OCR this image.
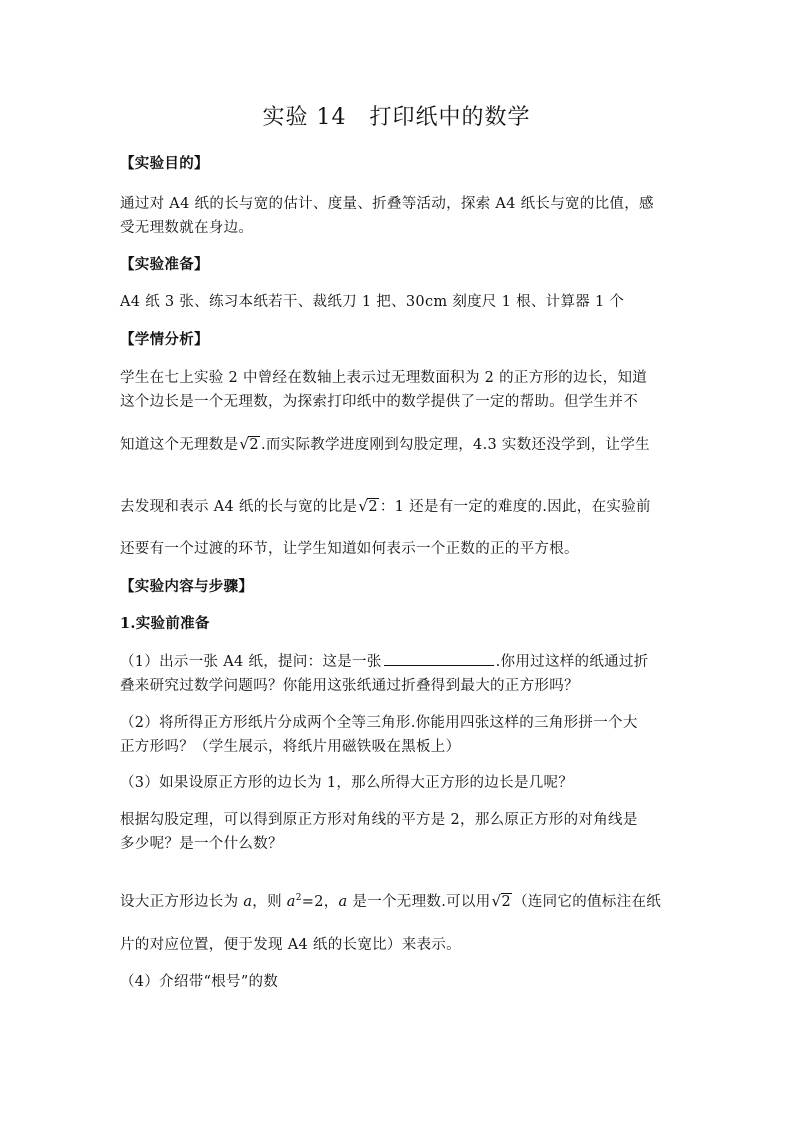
实验 14　打印纸中的数学
【实验目的】
通过对 A4 纸的长与宽的估计、度量、折叠等活动，探索 A4 纸长与宽的比值，感
受无理数就在身边。
【实验准备】
A4 纸 3 张、练习本纸若干、裁纸刀 1 把、30cm 刻度尺 1 根、计算器 1 个
【学情分析】
学生在七上实验 2 中曾经在数轴上表示过无理数面积为 2 的正方形的边长，知道
这个边长是一个无理数，为探索打印纸中的数学提供了一定的帮助。但学生并不
知道这个无理数是 √ 2 .而实际教学进度刚到勾股定理，4.3 实数还没学到，让学生
去发现和表示 A4 纸的长与宽的比是 √ 2 ：1 还是有一定的难度的.因此，在实验前
还要有一个过渡的环节，让学生知道如何表示一个正数的正的平方根。
【实验内容与步骤】
1.实验前准备
（1）出示一张 A4 纸，提问：这是一张	.你用过这样的纸通过折
叠来研究过数学问题吗？你能用这张纸通过折叠得到最大的正方形吗？
（2）将所得正方形纸片分成两个全等三角形.你能用四张这样的三角形拼一个大
正方形吗？（学生展示，将纸片用磁铁吸在黑板上）
（3）如果设原正方形的边长为 1，那么所得大正方形的边长是几呢？
根据勾股定理，可以得到原正方形对角线的平方是 2，那么原正方形的对角线是
多少呢？是一个什么数？
设大正方形边长为 a，则 $a^2=2$，a 是一个无理数.可以用 √ 2 （连同它的值标注在纸
片的对应位置，便于发现 A4 纸的长宽比）来表示。
（4）介绍带“根号”的数
